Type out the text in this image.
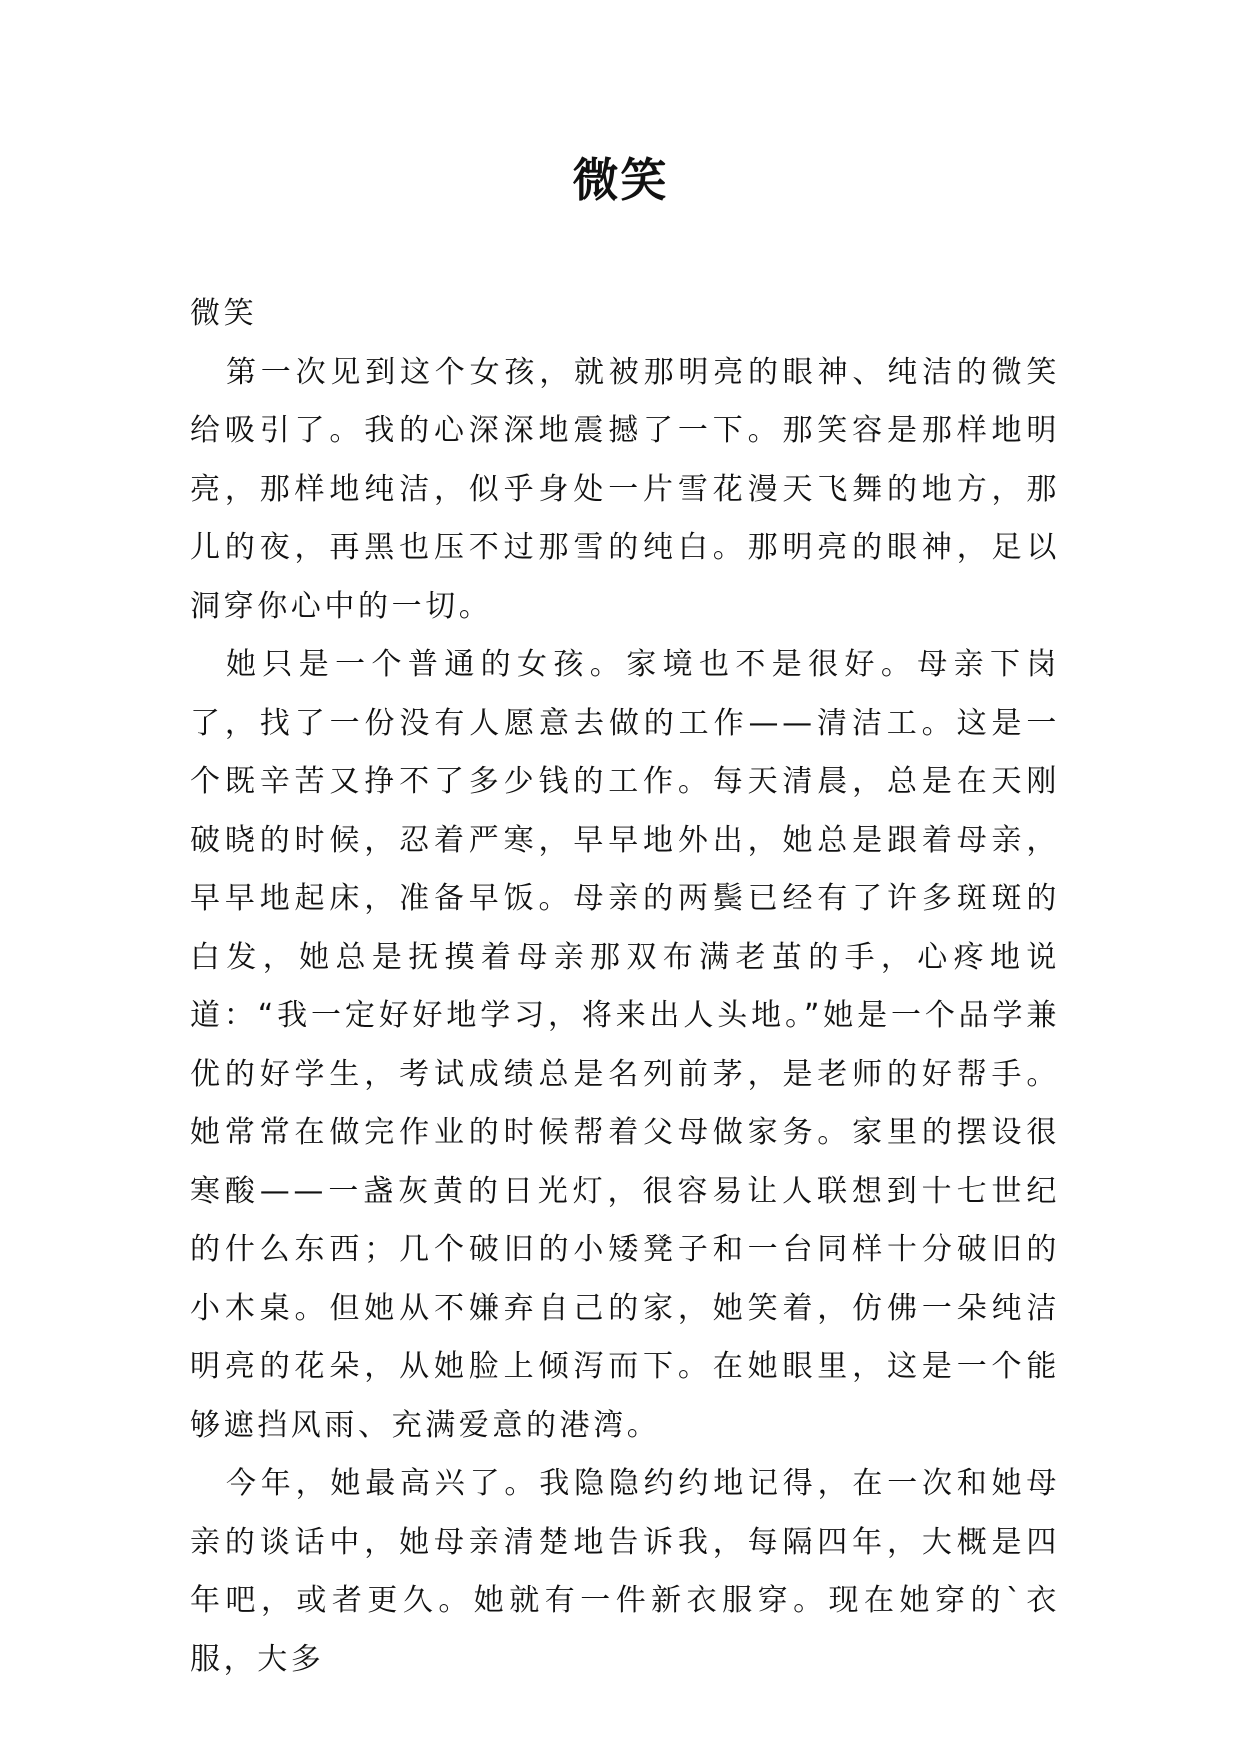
微笑
微笑

第一次见到这个女孩，就被那明亮的眼神、纯洁的微笑给吸引了。我的心深深地震撼了一下。那笑容是那样地明亮，那样地纯洁，似乎身处一片雪花漫天飞舞的地方，那儿的夜，再黑也压不过那雪的纯白。那明亮的眼神，足以洞穿你心中的一切。

她只是一个普通的女孩。家境也不是很好。母亲下岗了，找了一份没有人愿意去做的工作——清洁工。这是一个既辛苦又挣不了多少钱的工作。每天清晨，总是在天刚破晓的时候，忍着严寒，早早地外出，她总是跟着母亲，早早地起床，准备早饭。母亲的两鬓已经有了许多斑斑的白发，她总是抚摸着母亲那双布满老茧的手，心疼地说道：“我一定好好地学习，将来出人头地。”她是一个品学兼优的好学生，考试成绩总是名列前茅，是老师的好帮手。她常常在做完作业的时候帮着父母做家务。家里的摆设很寒酸——一盏灰黄的日光灯，很容易让人联想到十七世纪的什么东西；几个破旧的小矮凳子和一台同样十分破旧的小木桌。但她从不嫌弃自己的家，她笑着，仿佛一朵纯洁明亮的花朵，从她脸上倾泻而下。在她眼里，这是一个能够遮挡风雨、充满爱意的港湾。

今年，她最高兴了。我隐隐约约地记得，在一次和她母亲的谈话中，她母亲清楚地告诉我，每隔四年，大概是四年吧，或者更久。她就有一件新衣服穿。现在她穿的`衣服，大多
